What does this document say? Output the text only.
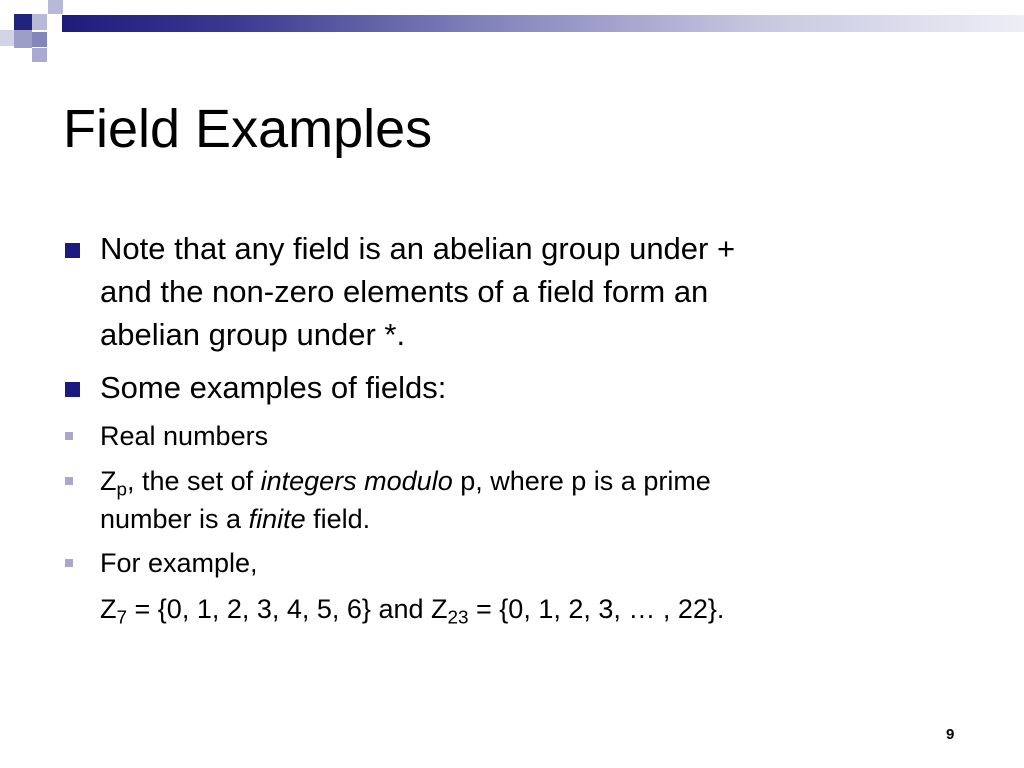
Field Examples
Note that any field is an abelian group under +
and the non-zero elements of a field form an
abelian group under *.
Some examples of fields:
Real numbers
$Z_p$, the set of integers modulo p, where p is a prime
number is a finite field.
For example,
$Z_7 = \{0$, 1, 2, 3, 4, 5, 6} and $Z_{23} = \{0$, 1, 2, 3, … , 22}.
9
